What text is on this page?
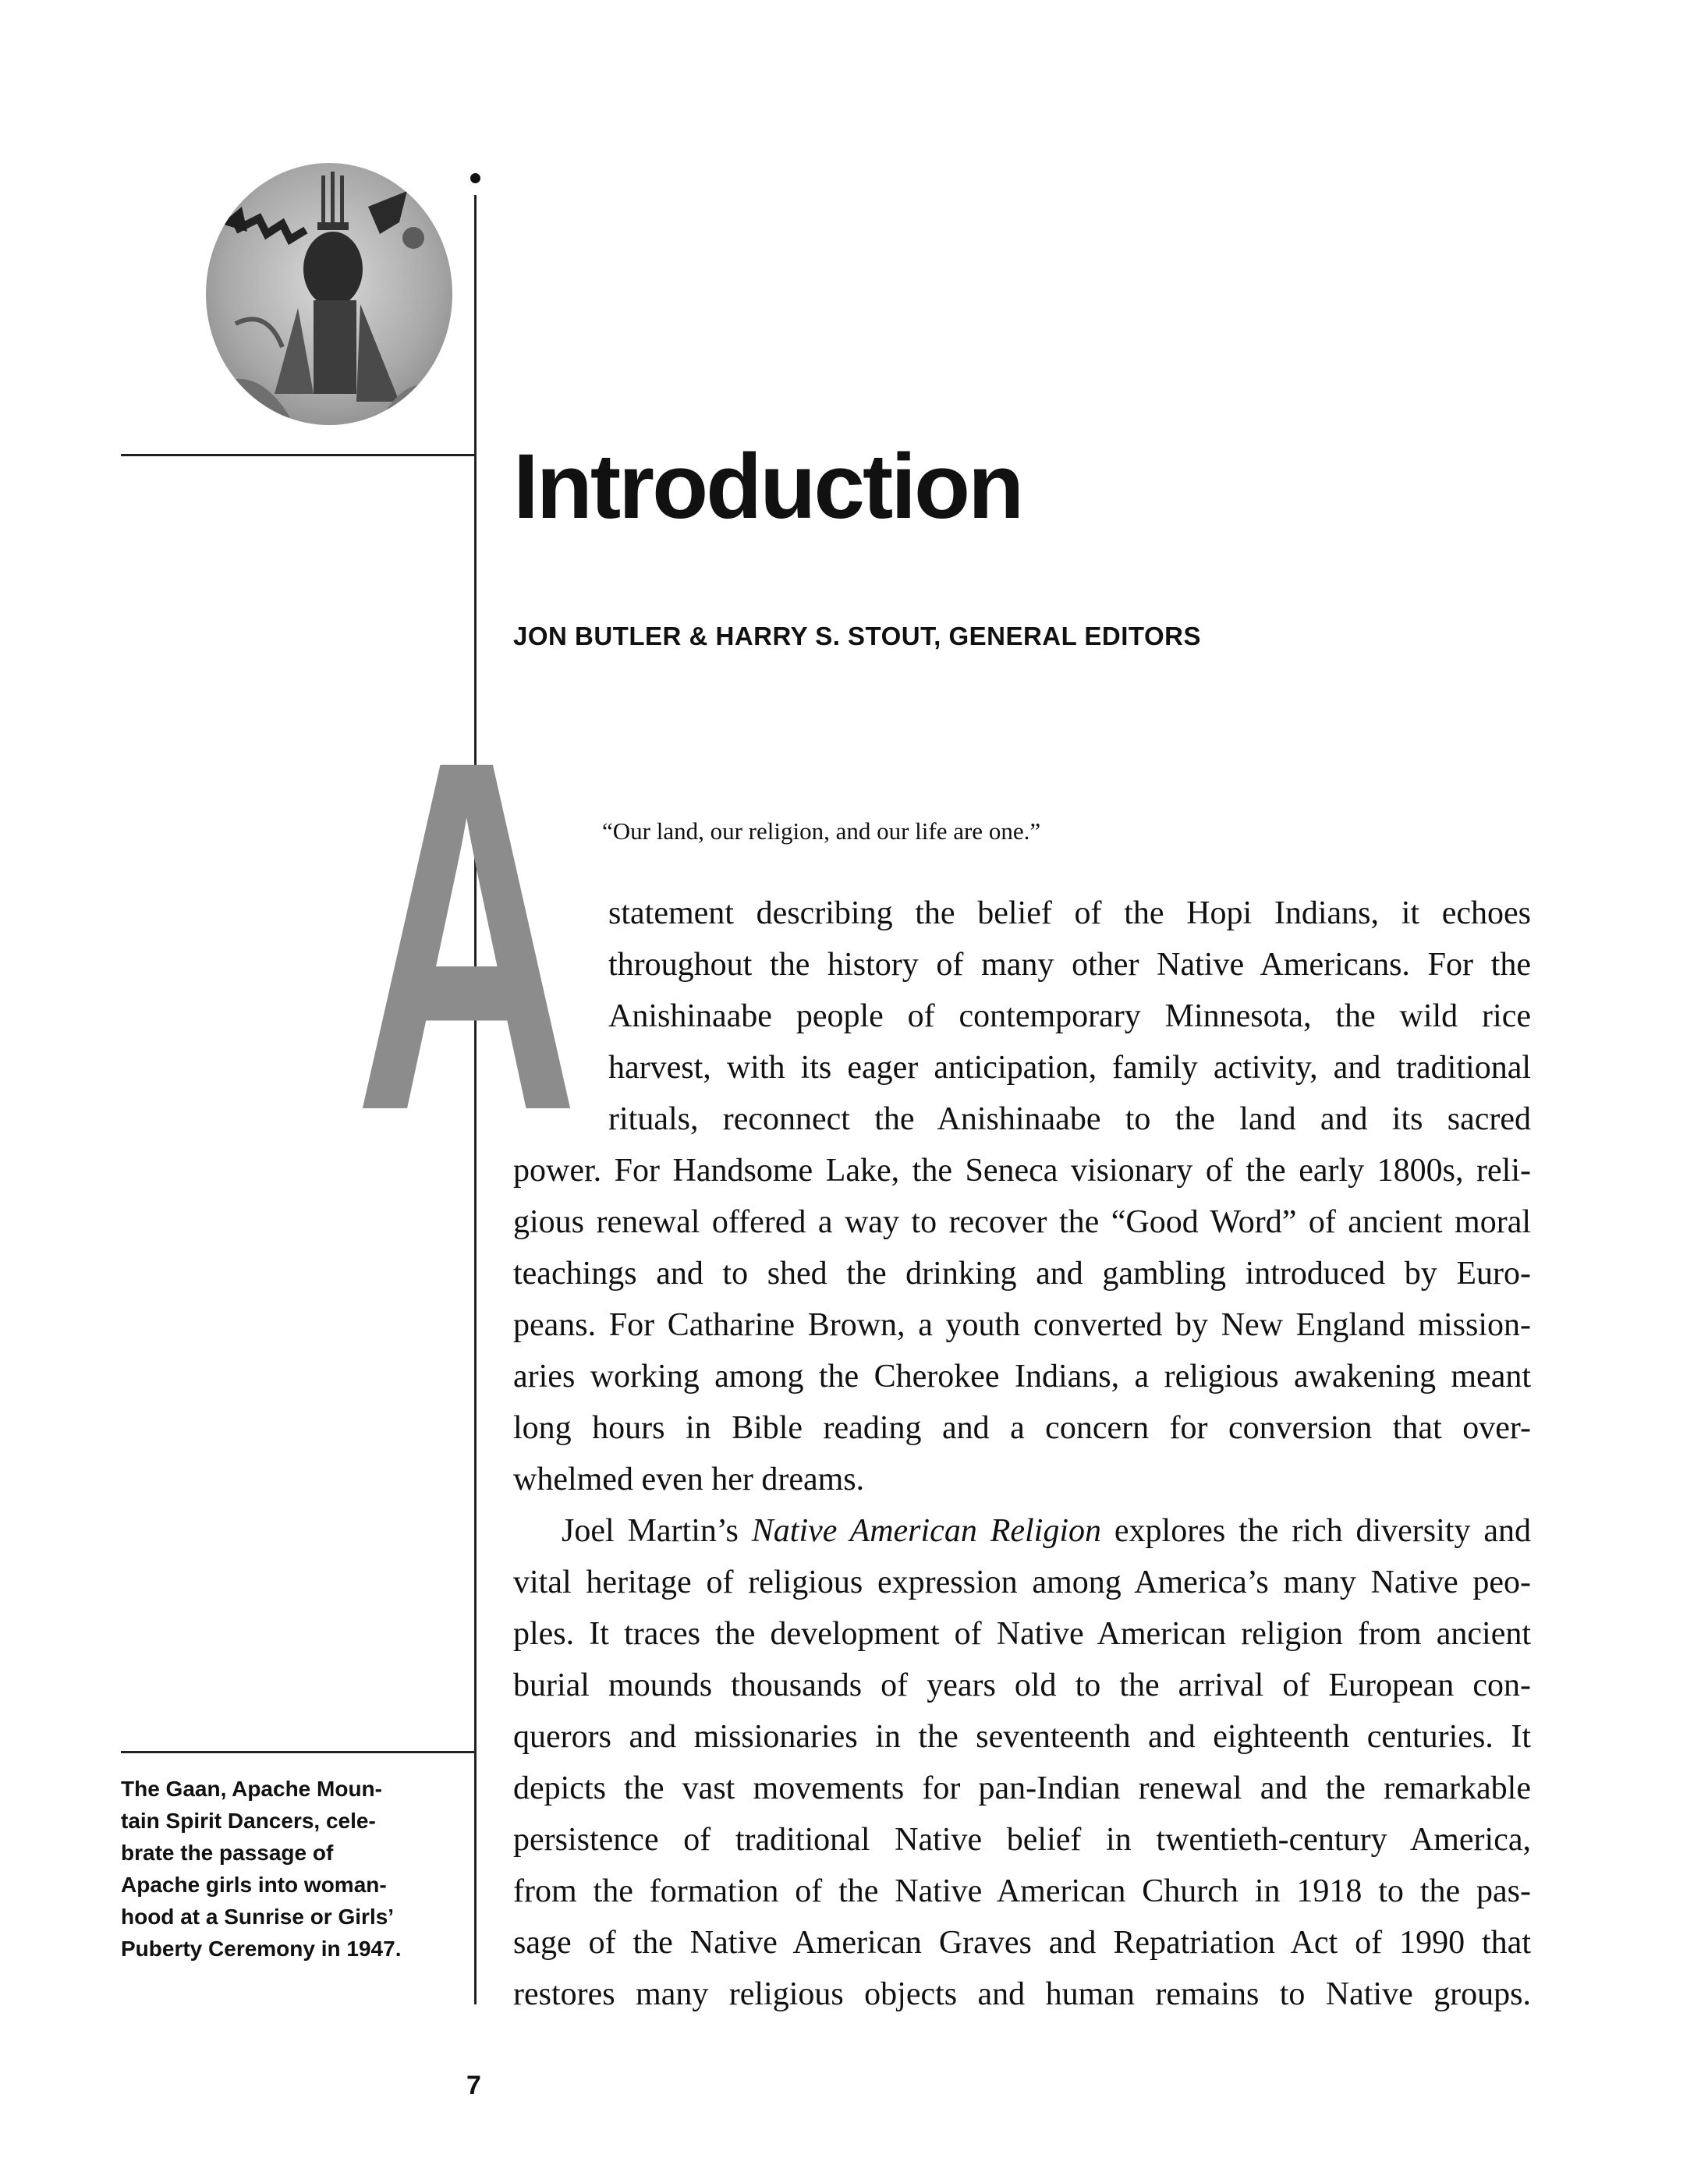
Introduction
JON BUTLER & HARRY S. STOUT, GENERAL EDITORS
A “Our land, our religion, and our life are one.”
statement describing the belief of the Hopi Indians, it echoes
throughout the history of many other Native Americans. For the
Anishinaabe people of contemporary Minnesota, the wild rice
harvest, with its eager anticipation, family activity, and traditional
rituals, reconnect the Anishinaabe to the land and its sacred
power. For Handsome Lake, the Seneca visionary of the early 1800s, reli-
gious renewal offered a way to recover the “Good Word” of ancient moral
teachings and to shed the drinking and gambling introduced by Euro-
peans. For Catharine Brown, a youth converted by New England mission-
aries working among the Cherokee Indians, a religious awakening meant
long hours in Bible reading and a concern for conversion that over-
whelmed even her dreams.
Joel Martin’s Native American Religion explores the rich diversity and
vital heritage of religious expression among America’s many Native peo-
ples. It traces the development of Native American religion from ancient
burial mounds thousands of years old to the arrival of European con-
querors and missionaries in the seventeenth and eighteenth centuries. It
depicts the vast movements for pan-Indian renewal and the remarkable
persistence of traditional Native belief in twentieth-century America,
from the formation of the Native American Church in 1918 to the pas-
sage of the Native American Graves and Repatriation Act of 1990 that
restores many religious objects and human remains to Native groups.
The Gaan, Apache Moun-
tain Spirit Dancers, cele-
brate the passage of
Apache girls into woman-
hood at a Sunrise or Girls’
Puberty Ceremony in 1947.
7
